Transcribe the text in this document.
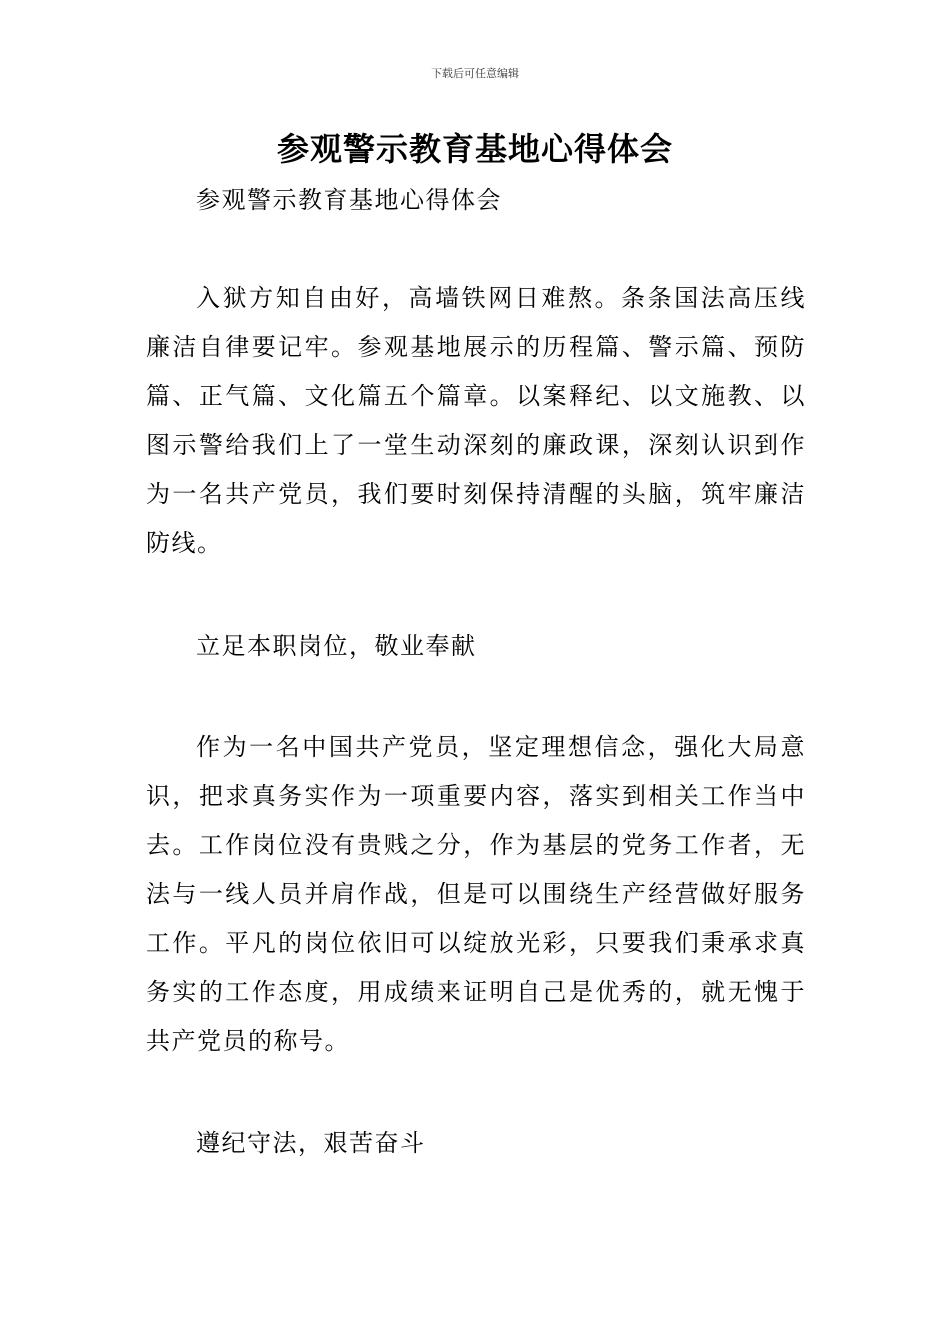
下载后可任意编辑
参观警示教育基地心得体会

参观警示教育基地心得体会

入狱方知自由好，高墙铁网日难熬。条条国法高压线廉洁自律要记牢。参观基地展示的历程篇、警示篇、预防篇、正气篇、文化篇五个篇章。以案释纪、以文施教、以图示警给我们上了一堂生动深刻的廉政课，深刻认识到作为一名共产党员，我们要时刻保持清醒的头脑，筑牢廉洁防线。

立足本职岗位，敬业奉献

作为一名中国共产党员，坚定理想信念，强化大局意识，把求真务实作为一项重要内容，落实到相关工作当中去。工作岗位没有贵贱之分，作为基层的党务工作者，无法与一线人员并肩作战，但是可以围绕生产经营做好服务工作。平凡的岗位依旧可以绽放光彩，只要我们秉承求真务实的工作态度，用成绩来证明自己是优秀的，就无愧于共产党员的称号。

遵纪守法，艰苦奋斗
